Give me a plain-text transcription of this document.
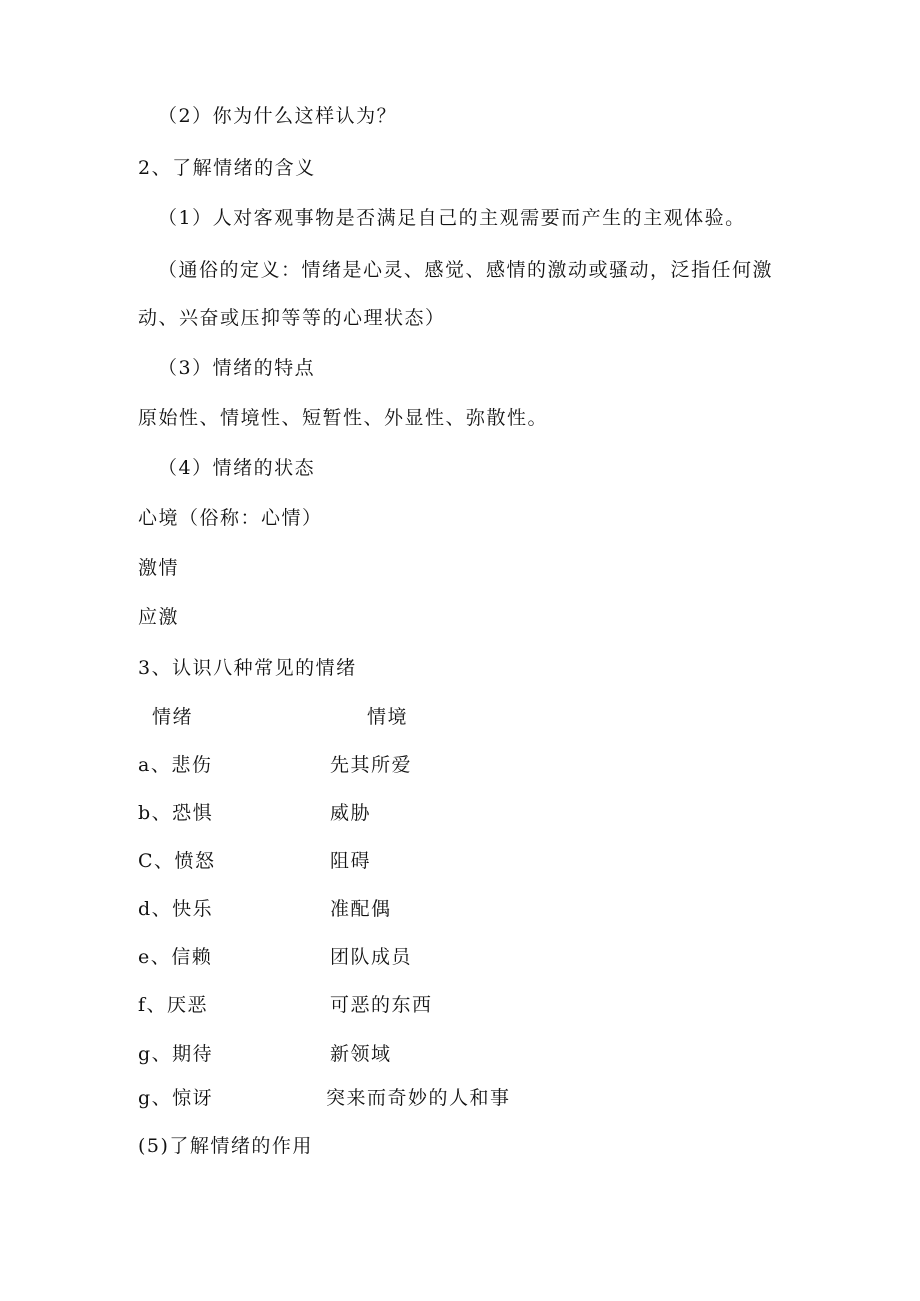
（2）你为什么这样认为？
2、了解情绪的含义
（1）人对客观事物是否满足自己的主观需要而产生的主观体验。
（通俗的定义：情绪是心灵、感觉、感情的激动或骚动，泛指任何激
动、兴奋或压抑等等的心理状态）
（3）情绪的特点
原始性、情境性、短暂性、外显性、弥散性。
（4）情绪的状态
心境（俗称：心情）
激情
应激
3、认识八种常见的情绪
情绪	情境
a、悲伤	先其所爱
b、恐惧	威胁
C、愤怒	阻碍
d、快乐	准配偶
e、信赖	团队成员
f、厌恶	可恶的东西
g、期待	新领域
g、惊讶	突来而奇妙的人和事
(5)了解情绪的作用
